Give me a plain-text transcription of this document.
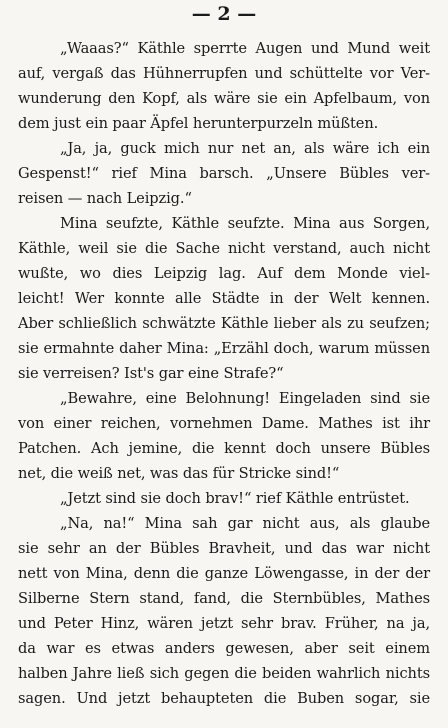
— 2 —
„Waaas?“ Käthle sperrte Augen und Mund weit
auf, vergaß das Hühnerrupfen und schüttelte vor Ver-
wunderung den Kopf, als wäre sie ein Apfelbaum, von
dem just ein paar Äpfel herunterpurzeln müßten.
„Ja, ja, guck mich nur net an, als wäre ich ein
Gespenst!“ rief Mina barsch. „Unsere Bübles ver-
reisen — nach Leipzig.“
Mina seufzte, Käthle seufzte. Mina aus Sorgen,
Käthle, weil sie die Sache nicht verstand, auch nicht
wußte, wo dies Leipzig lag. Auf dem Monde viel-
leicht! Wer konnte alle Städte in der Welt kennen.
Aber schließlich schwätzte Käthle lieber als zu seufzen;
sie ermahnte daher Mina: „Erzähl doch, warum müssen
sie verreisen? Ist's gar eine Strafe?“
„Bewahre, eine Belohnung! Eingeladen sind sie
von einer reichen, vornehmen Dame. Mathes ist ihr
Patchen. Ach jemine, die kennt doch unsere Bübles
net, die weiß net, was das für Stricke sind!“
„Jetzt sind sie doch brav!“ rief Käthle entrüstet.
„Na, na!“ Mina sah gar nicht aus, als glaube
sie sehr an der Bübles Bravheit, und das war nicht
nett von Mina, denn die ganze Löwengasse, in der der
Silberne Stern stand, fand, die Sternbübles, Mathes
und Peter Hinz, wären jetzt sehr brav. Früher, na ja,
da war es etwas anders gewesen, aber seit einem
halben Jahre ließ sich gegen die beiden wahrlich nichts
sagen. Und jetzt behaupteten die Buben sogar, sie
